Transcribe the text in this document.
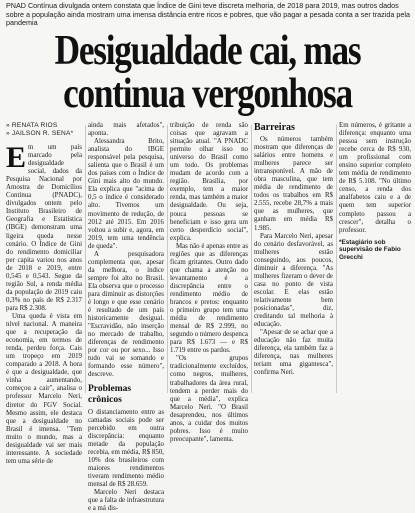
PNAD Contínua divulgada ontem constata que Índice de Gini teve discreta melhoria, de 2018 para 2019, mas outros dados sobre a população ainda mostram uma imensa distância entre ricos e pobres, que vão pagar a pesada conta a ser trazida pela pandemia

Desigualdade cai, mas
continua vergonhosa
» RENATA RIOS
» JAILSON R. SENA*

Em um país marcado pela desigualdade social, dados da Pesquisa Nacional por Amostra de Domicílios Contínua (PNADC), divulgados ontem pelo Instituto Brasileiro de Geografia e Estatística (IBGE) demonstram uma ligeira queda nesse cenário. O Índice de Gini do rendimento domiciliar per capita variou nos anos de 2018 e 2019, entre 0,545 e 0,543. Segue da região Sul, a renda média da população de 2019 caiu 0,3% no país de R$ 2.317 para R$ 2.308.

Uma queda é vista em nível nacional. A maneira que a recuperação da economia, em termos de renda, perdeu força. Cais um tropeço em 2019 comparado a 2018. A hora é que a desigualdade, que vinha aumentando, começou a cair", analisa o professor Marcelo Neri, diretor do FGV Social. Mesmo assim, ele destaca que a desigualdade no Brasil é imensa. "Tem muito o mundo, mas a desigualdade vai ser mais interessante. A sociedade tem uma série de

ainda mais afetados", aponta.

Alessandra Brito, analista do IBGE responsável pela pesquisa, salienta que o Brasil é um dos países com o Índice de Gini mais alto do mundo. Ela explica que "acima de 0,5 o índice é considerado alto. Tivemos um movimento de redução, de 2012 até 2015. Em 2016 voltou a subir e, agora, em 2019, tem uma tendência de queda".

A pesquisadora complementa que, apesar da melhora, o índice sempre foi alto no Brasil. Ela observa que o processo para diminuir as distorções é longo e que esse cenário é resultado de um país historicamente desigual. "Escravidão, não inserção no mercado de trabalho, diferenças de rendimento por cor ou por sexo... Isso tudo vai se somando e formando esse número", descreve.

Problemas crônicos

O distanciamento entre as camadas sociais pode ser percebido em outra discrepância: enquanto metade da população recebia, em média, R$ 850, 10% dos brasileiros com maiores rendimentos tiveram rendimento médio mensal de R$ 28.659.

Marcelo Neri destaca que a falta de infraestrutura e a má dis-

tribuição de renda são coisas que agravam a situação atual. "A PNADC permite olhar isso no universo do Brasil como um todo. Os problemas mudam de acordo com a região. Brasília, por exemplo, tem a maior renda, mas também a maior desigualdade. Ou seja, pouca pessoas se beneficiam e isso gera um certo desperdício social", explica.

Mas não é apenas entre as regiões que as diferenças ficam gritantes. Outro dado que chama a atenção no levantamento é a discrepância entre o rendimento médio de brancos e pretos: enquanto o primeiro grupo tem uma média de rendimento mensal de R$ 2.999, no segundo o número despenca para R$ 1.673 — e R$ 1.719 entre os pardos.

"Os grupos tradicionalmente excluídos, como negros, mulheres, trabalhadores da área rural, tendem a perder mais do que a média", explica Marcelo Neri. "O Brasil desaprendeu, nos últimos anos, a cuidar dos muitos pobres. Isso é muito preocupante", lamenta.

Barreiras

Os números também mostram que diferenças de salários entre homens e mulheres parece ser intransponível. A mão de obra masculina, que tem média de rendimento de todos os trabalhos em R$ 2.555, recebe 28,7% a mais que as mulheres, que ganham em média R$ 1.985.

Para Marcelo Neri, apesar do cenário desfavorável, as mulheres estão conseguindo, aos poucos, diminuir a diferença. "As mulheres fizeram o dever de casa no ponto de vista escolar. E elas estão relativamente bem posicionadas", diz, creditando tal melhoria à educação.

"Apesar de se achar que a educação não faz muita diferença, ela também faz a diferença, nas mulheres teriam uma gigantesca", confirma Neri.

Em números, é gritante a diferença: enquanto uma pessoa sem instrução recebe cerca de R$ 930, um profissional com ensino superior completo tem média de rendimento de R$ 5.108. "No último censo, a renda dos analfabetos caiu e a de quem tem superior completo passou a crescer", detalha o professor.

*Estagiário sob supervisão de Fabio Grecchi
